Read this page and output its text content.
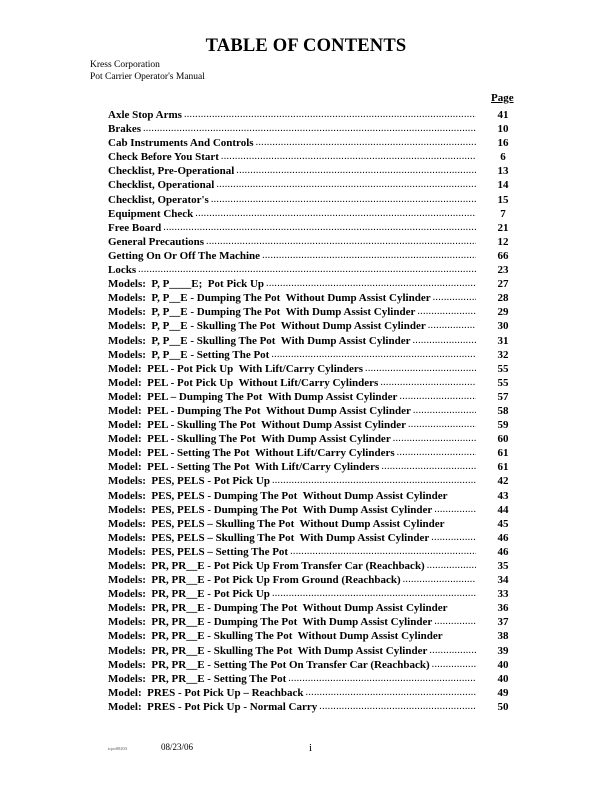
TABLE OF CONTENTS
Kress Corporation
Pot Carrier Operator's Manual
Page
Axle Stop Arms .....	41
Brakes .....	10
Cab Instruments And Controls .....	16
Check Before You Start .....	6
Checklist, Pre-Operational .....	13
Checklist, Operational .....	14
Checklist, Operator's .....	15
Equipment Check .....	7
Free Board .....	21
General Precautions .....	12
Getting On Or Off The Machine .....	66
Locks .....	23
Models:  P, P____E;  Pot Pick Up .....	27
Models:  P, P__E - Dumping The Pot  Without Dump Assist Cylinder .....	28
Models:  P, P__E - Dumping The Pot  With Dump Assist Cylinder .....	29
Models:  P, P__E - Skulling The Pot  Without Dump Assist Cylinder .....	30
Models:  P, P__E - Skulling The Pot  With Dump Assist Cylinder .....	31
Models:  P, P__E - Setting The Pot .....	32
Model:  PEL - Pot Pick Up  With Lift/Carry Cylinders .....	55
Model:  PEL - Pot Pick Up  Without Lift/Carry Cylinders .....	55
Model:  PEL – Dumping The Pot  With Dump Assist Cylinder .....	57
Model:  PEL - Dumping The Pot  Without Dump Assist Cylinder .....	58
Model:  PEL - Skulling The Pot  Without Dump Assist Cylinder .....	59
Model:  PEL - Skulling The Pot  With Dump Assist Cylinder .....	60
Model:  PEL - Setting The Pot  Without Lift/Carry Cylinders .....	61
Model:  PEL - Setting The Pot  With Lift/Carry Cylinders .....	61
Models:  PES, PELS - Pot Pick Up .....	42
Models:  PES, PELS - Dumping The Pot  Without Dump Assist Cylinder	43
Models:  PES, PELS - Dumping The Pot  With Dump Assist Cylinder .....	44
Models:  PES, PELS – Skulling The Pot  Without Dump Assist Cylinder	45
Models:  PES, PELS – Skulling The Pot  With Dump Assist Cylinder .....	46
Models:  PES, PELS – Setting The Pot .....	46
Models:  PR, PR__E - Pot Pick Up From Transfer Car (Reachback) .....	35
Models:  PR, PR__E - Pot Pick Up From Ground (Reachback) .....	34
Models:  PR, PR__E - Pot Pick Up .....	33
Models:  PR, PR__E - Dumping The Pot  Without Dump Assist Cylinder	36
Models:  PR, PR__E - Dumping The Pot  With Dump Assist Cylinder .....	37
Models:  PR, PR__E - Skulling The Pot  Without Dump Assist Cylinder	38
Models:  PR, PR__E - Skulling The Pot  With Dump Assist Cylinder .....	39
Models:  PR, PR__E - Setting The Pot On Transfer Car (Reachback) .....	40
Models:  PR, PR__E - Setting The Pot .....	40
Model:  PRES - Pot Pick Up – Reachback .....	49
Model:  PRES - Pot Pick Up - Normal Carry .....	50
tcpo00203	08/23/06	i
